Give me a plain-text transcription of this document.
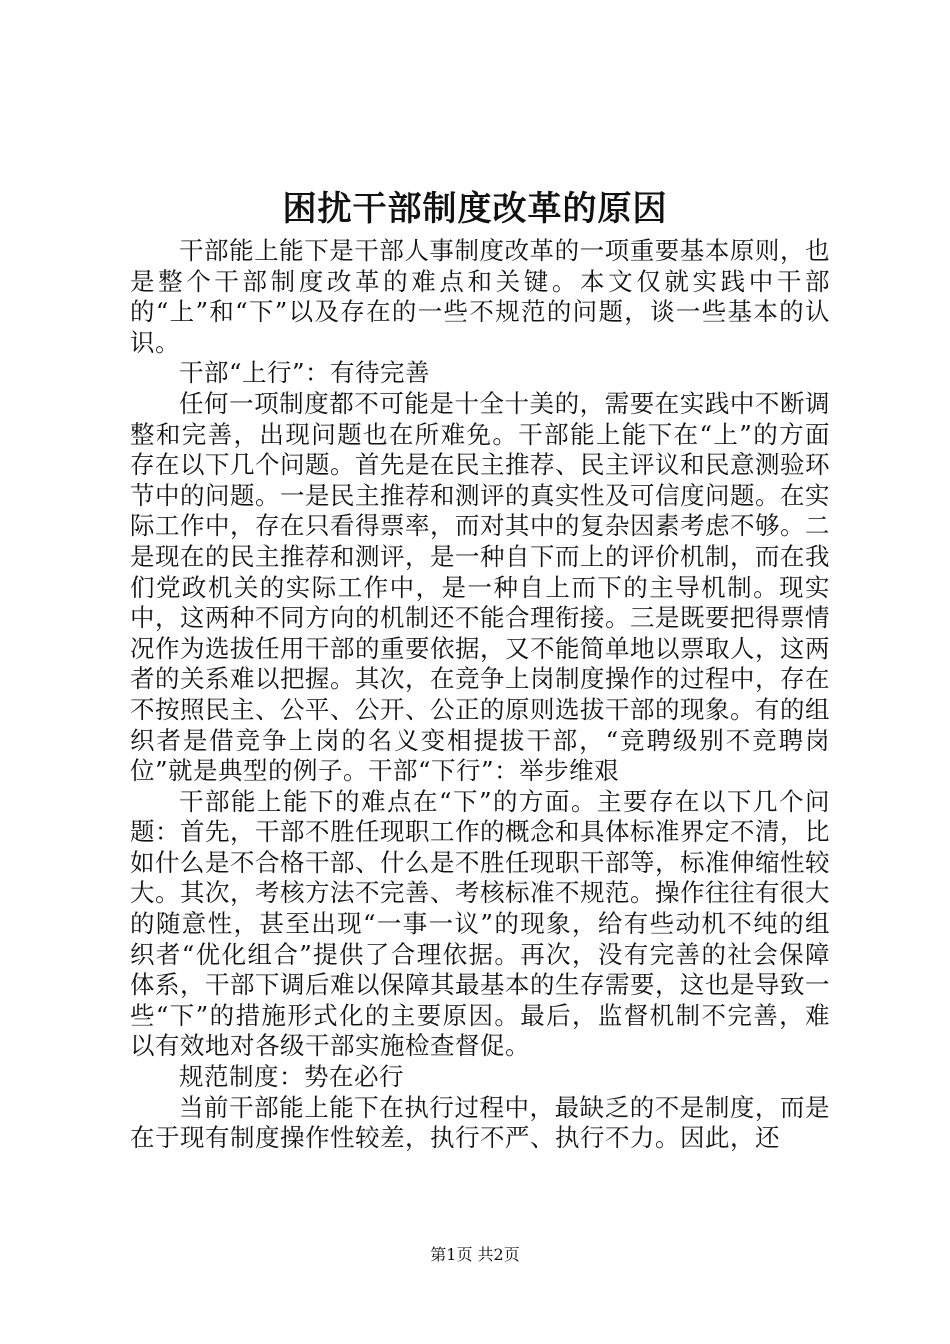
困扰干部制度改革的原因

干部能上能下是干部人事制度改革的一项重要基本原则，也是整个干部制度改革的难点和关键。本文仅就实践中干部的“上”和“下”以及存在的一些不规范的问题，谈一些基本的认识。

干部“上行”：有待完善

任何一项制度都不可能是十全十美的，需要在实践中不断调整和完善，出现问题也在所难免。干部能上能下在“上”的方面存在以下几个问题。首先是在民主推荐、民主评议和民意测验环节中的问题。一是民主推荐和测评的真实性及可信度问题。在实际工作中，存在只看得票率，而对其中的复杂因素考虑不够。二是现在的民主推荐和测评，是一种自下而上的评价机制，而在我们党政机关的实际工作中，是一种自上而下的主导机制。现实中，这两种不同方向的机制还不能合理衔接。三是既要把得票情况作为选拔任用干部的重要依据，又不能简单地以票取人，这两者的关系难以把握。其次，在竞争上岗制度操作的过程中，存在不按照民主、公平、公开、公正的原则选拔干部的现象。有的组织者是借竞争上岗的名义变相提拔干部，“竞聘级别不竞聘岗位”就是典型的例子。干部“下行”：举步维艰

干部能上能下的难点在“下”的方面。主要存在以下几个问题：首先，干部不胜任现职工作的概念和具体标准界定不清，比如什么是不合格干部、什么是不胜任现职干部等，标准伸缩性较大。其次，考核方法不完善、考核标准不规范。操作往往有很大的随意性，甚至出现“一事一议”的现象，给有些动机不纯的组织者“优化组合”提供了合理依据。再次，没有完善的社会保障体系，干部下调后难以保障其最基本的生存需要，这也是导致一些“下”的措施形式化的主要原因。最后，监督机制不完善，难以有效地对各级干部实施检查督促。

规范制度：势在必行

当前干部能上能下在执行过程中，最缺乏的不是制度，而是在于现有制度操作性较差，执行不严、执行不力。因此，还

第1页 共2页
